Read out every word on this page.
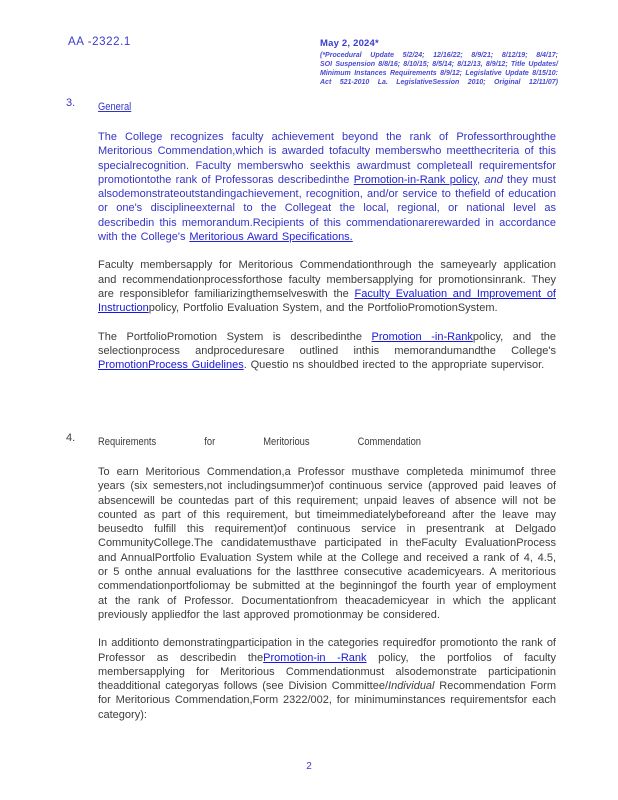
AA -2322.1	May 2, 2024*
(*Procedural Update 5/2/24; 12/16/22; 8/9/21; 8/12/19; 8/4/17;
SOI Suspension 8/8/16; 8/10/15; 8/5/14; 8/12/13, 8/9/12; Title Updates/
Minimum Instances Requirements 8/9/12; Legislative Update 8/15/10:
Act 521-2010 La. LegislativeSession 2010; Original 12/11/07)
3.	General

The College recognizes faculty achievement beyond the rank of Professorthroughthe Meritorious Commendation,which is awarded tofaculty memberswho meetthecriteria of this specialrecognition. Faculty memberswho seekthis awardmust completeall requirementsfor promotiontothe rank of Professoras describedinthe Promotion-in-Rank policy, and they must alsodemonstrateoutstandingachievement, recognition, and/or service to thefield of education or one's disciplineexternal to the Collegeat the local, regional, or national level as describedin this memorandum.Recipients of this commendationarerewarded in accordance with the College's Meritorious Award Specifications.

Faculty membersapply for Meritorious Commendationthrough the sameyearly application and recommendationprocessforthose faculty membersapplying for promotionsinrank. They are responsiblefor familiarizingthemselveswith the Faculty Evaluation and Improvement of Instructionpolicy, Portfolio Evaluation System, and the PortfolioPromotionSystem.

The PortfolioPromotion System is describedinthe Promotion -in-Rankpolicy, and the selectionprocess andproceduresare outlined inthis memorandumandthe College's PromotionProcess Guidelines. Questio ns shouldbed irected to the appropriate supervisor.

4.	Requirements for Meritorious Commendation

To earn Meritorious Commendation,a Professor musthave completeda minimumof three years (six semesters,not includingsummer)of continuous service (approved paid leaves of absencewill be countedas part of this requirement; unpaid leaves of absence will not be counted as part of this requirement, but timeimmediatelybeforeand after the leave may beusedto fulfill this requirement)of continuous service in presentrank at Delgado CommunityCollege.The candidatemusthave participated in theFaculty EvaluationProcess and AnnualPortfolio Evaluation System while at the College and received a rank of 4, 4.5, or 5 onthe annual evaluations for the lastthree consecutive academicyears. A meritorious commendationportfoliomay be submitted at the beginningof the fourth year of employment at the rank of Professor. Documentationfrom theacademicyear in which the applicant previously appliedfor the last approved promotionmay be considered.

In additionto demonstratingparticipation in the categories requiredfor promotionto the rank of Professor as describedin thePromotion-in -Rank policy, the portfolios of faculty membersapplying for Meritorious Commendationmust alsodemonstrate participationin theadditional categoryas follows (see Division Committee/Individual Recommendation Form for Meritorious Commendation,Form 2322/002, for minimuminstances requirementsfor each category):

2
